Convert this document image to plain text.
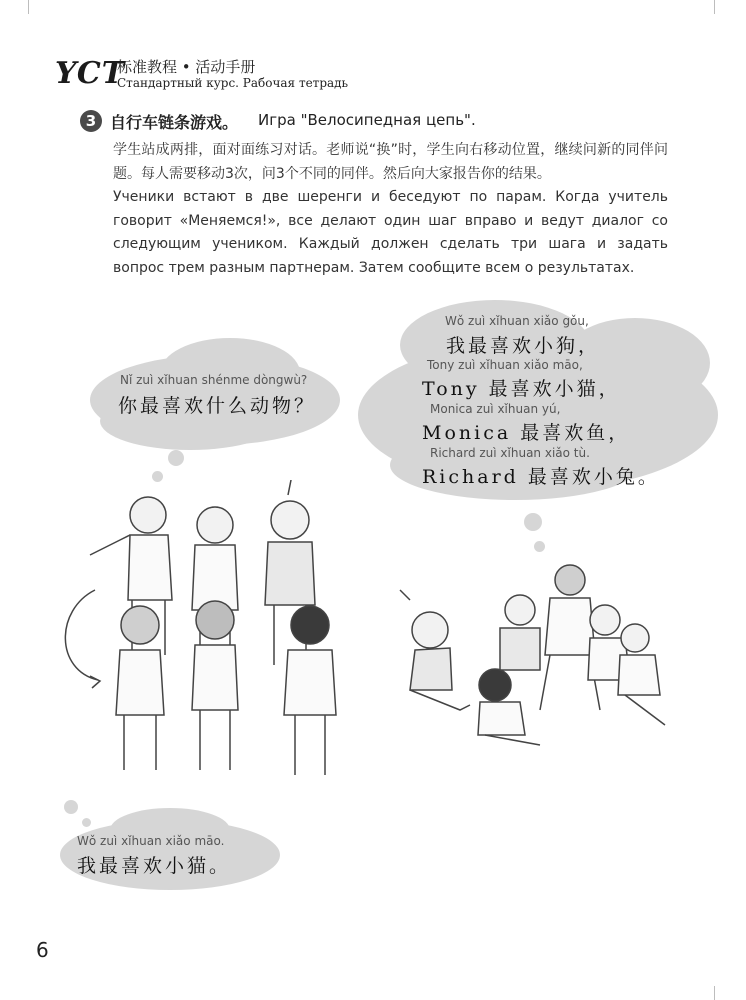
YCT
标准教程 • 活动手册
Стандартный курс. Рабочая тетрадь
3 自行车链条游戏。 Игра "Велосипедная цепь".
学生站成两排，面对面练习对话。老师说“换”时，学生向右移动位置，继续问新的同伴问题。每人需要移动3次，问3个不同的同伴。然后向大家报告你的结果。
Ученики встают в две шеренги и беседуют по парам. Когда учитель говорит «Меняемся!», все делают один шаг вправо и ведут диалог со следующим учеником. Каждый должен сделать три шага и задать вопрос трем разным партнерам. Затем сообщите всем о результатах.
Nǐ zuì xǐhuan shénme dòngwù?
你最喜欢什么动物？
Wǒ zuì xǐhuan xiǎo gǒu,
我最喜欢小狗，
Tony zuì xǐhuan xiǎo māo,
Tony 最喜欢小猫，
Monica zuì xǐhuan yú,
Monica 最喜欢鱼，
Richard zuì xǐhuan xiǎo tù.
Richard 最喜欢小兔。
Wǒ zuì xǐhuan xiǎo māo.
我最喜欢小猫。
6
